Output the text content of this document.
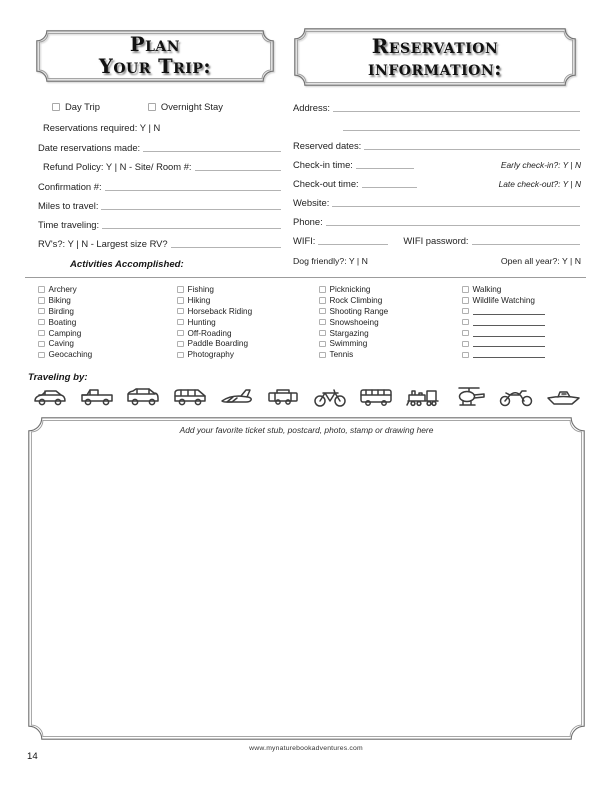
Plan
Your Trip:
Reservation
information:
Day Trip	Overnight Stay
Reservations required: Y | N
Date reservations made:
Refund Policy: Y | N - Site/ Room #:
Confirmation #:
Miles to travel:
Time traveling:
RV's?: Y | N - Largest size RV?
Activities Accomplished:
Address:
Reserved dates:
Check-in time:	Early check-in?: Y | N
Check-out time:	Late check-out?: Y | N
Website:
Phone:
WIFI:	WIFI password:
Dog friendly?: Y | N	Open all year?: Y | N
Archery
Biking
Birding
Boating
Camping
Caving
Geocaching
Fishing
Hiking
Horseback Riding
Hunting
Off-Roading
Paddle Boarding
Photography
Picknicking
Rock Climbing
Shooting Range
Snowshoeing
Stargazing
Swimming
Tennis
Walking
Wildlife Watching
Traveling by:
Add your favorite ticket stub, postcard, photo, stamp or drawing here
www.mynaturebookadventures.com
14
